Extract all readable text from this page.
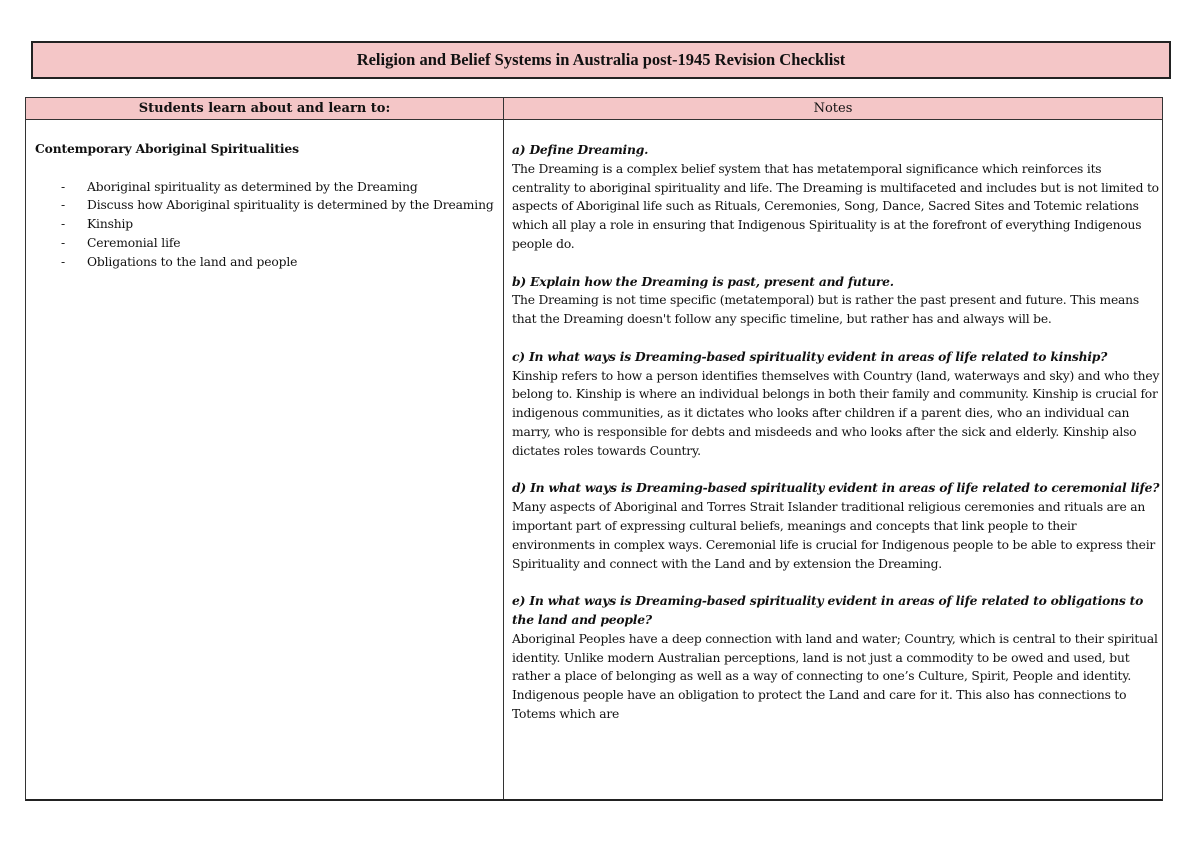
Religion and Belief Systems in Australia post-1945 Revision Checklist
Students learn about and learn to:	Notes

Contemporary Aboriginal Spiritualities

- Aboriginal spirituality as determined by the Dreaming
- Discuss how Aboriginal spirituality is determined by the Dreaming
- Kinship
- Ceremonial life
- Obligations to the land and people
a) Define Dreaming.
The Dreaming is a complex belief system that has metatemporal significance which reinforces its centrality to aboriginal spirituality and life. The Dreaming is multifaceted and includes but is not limited to aspects of Aboriginal life such as Rituals, Ceremonies, Song, Dance, Sacred Sites and Totemic relations which all play a role in ensuring that Indigenous Spirituality is at the forefront of everything Indigenous people do.
b) Explain how the Dreaming is past, present and future.
The Dreaming is not time specific (metatemporal) but is rather the past present and future. This means that the Dreaming doesn't follow any specific timeline, but rather has and always will be.
c) In what ways is Dreaming-based spirituality evident in areas of life related to kinship?
Kinship refers to how a person identifies themselves with Country (land, waterways and sky) and who they belong to. Kinship is where an individual belongs in both their family and community. Kinship is crucial for indigenous communities, as it dictates who looks after children if a parent dies, who an individual can marry, who is responsible for debts and misdeeds and who looks after the sick and elderly. Kinship also dictates roles towards Country.
d) In what ways is Dreaming-based spirituality evident in areas of life related to ceremonial life?
Many aspects of Aboriginal and Torres Strait Islander traditional religious ceremonies and rituals are an important part of expressing cultural beliefs, meanings and concepts that link people to their environments in complex ways. Ceremonial life is crucial for Indigenous people to be able to express their Spirituality and connect with the Land and by extension the Dreaming.
e) In what ways is Dreaming-based spirituality evident in areas of life related to obligations to the land and people?
Aboriginal Peoples have a deep connection with land and water; Country, which is central to their spiritual identity. Unlike modern Australian perceptions, land is not just a commodity to be owed and used, but rather a place of belonging as well as a way of connecting to one’s Culture, Spirit, People and identity. Indigenous people have an obligation to protect the Land and care for it. This also has connections to Totems which are
